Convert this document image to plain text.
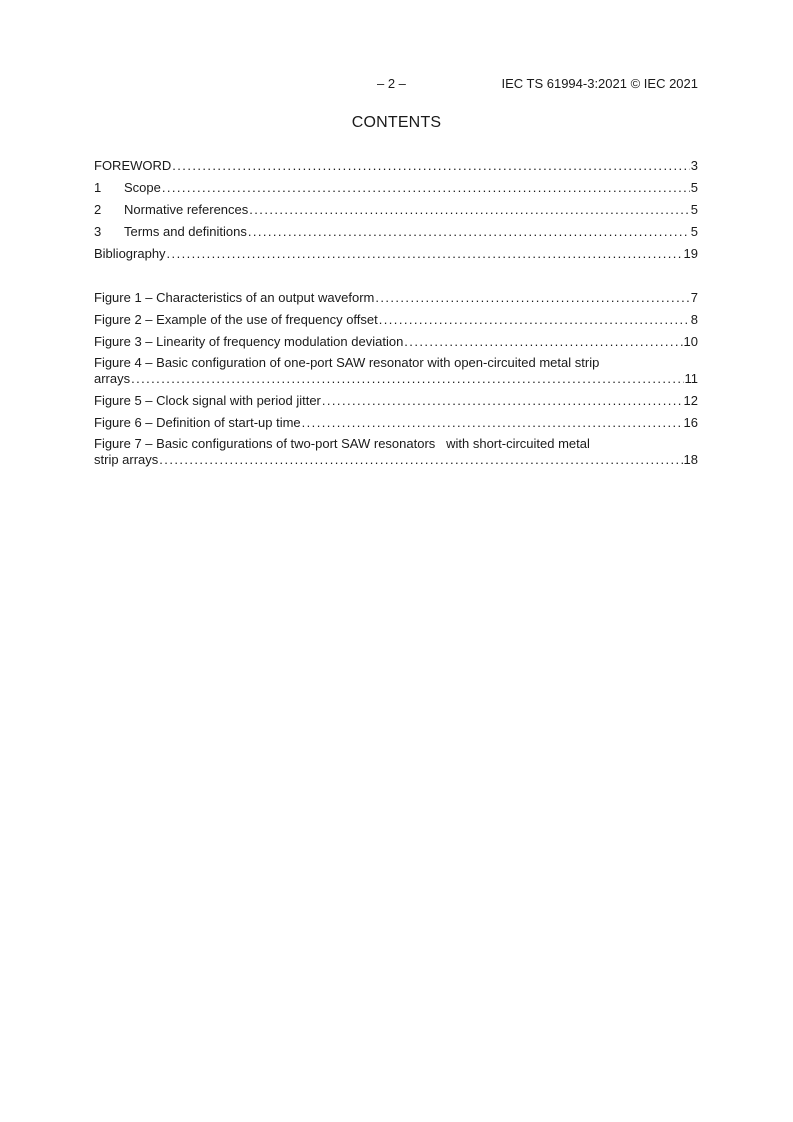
– 2 –	IEC TS 61994-3:2021 © IEC 2021
CONTENTS
FOREWORD .....	3
1	Scope .....	5
2	Normative references .....	5
3	Terms and definitions .....	5
Bibliography .....	19
Figure 1 – Characteristics of an output waveform .....	7
Figure 2 – Example of the use of frequency offset .....	8
Figure 3 – Linearity of frequency modulation deviation .....	10
Figure 4 – Basic configuration of one-port SAW resonator with open-circuited metal strip
arrays .....	11
Figure 5 – Clock signal with period jitter .....	12
Figure 6 – Definition of start-up time .....	16
Figure 7 – Basic configurations of two-port SAW resonators   with short-circuited metal
strip arrays .....	18
